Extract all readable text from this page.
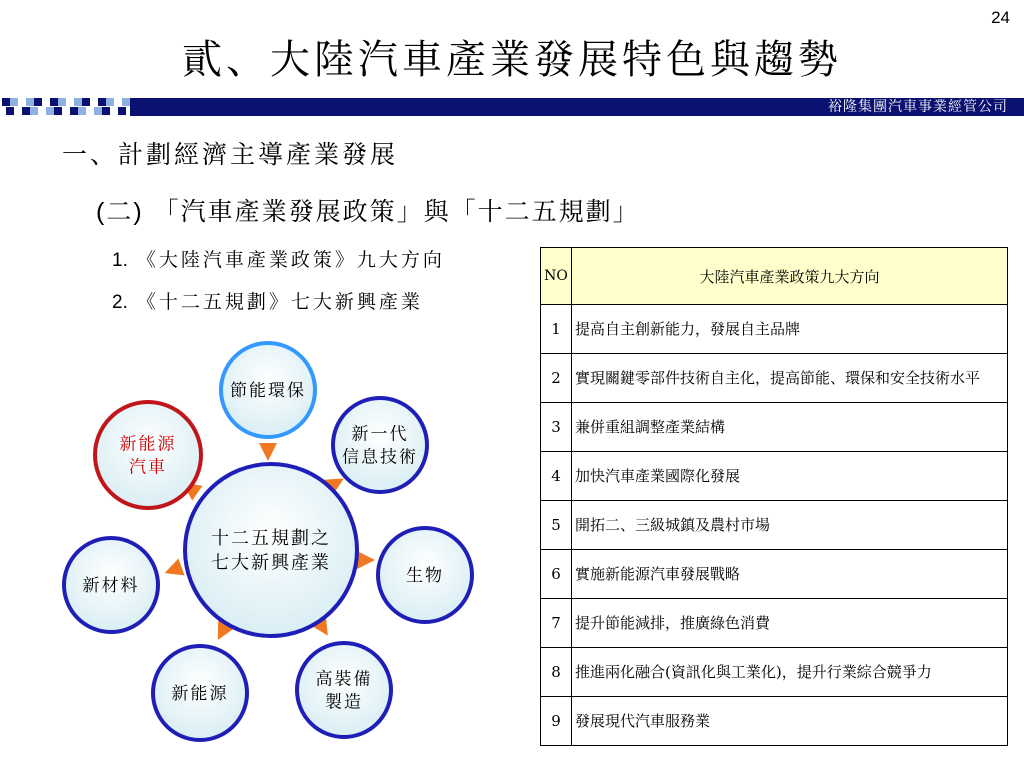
24
貳、大陸汽車產業發展特色與趨勢
裕隆集團汽車事業經管公司
一、計劃經濟主導產業發展
(二) 「汽車產業發展政策」與「十二五規劃」
1. 《大陸汽車產業政策》九大方向
2. 《十二五規劃》七大新興產業
節能環保
新能源
汽車
新一代
信息技術
新材料	生物
新能源
高裝備
製造
十二五規劃之
七大新興產業
NO	大陸汽車產業政策九大方向
1	提高自主創新能力，發展自主品牌
2	實現關鍵零部件技術自主化，提高節能、環保和安全技術水平
3	兼併重組調整產業結構
4	加快汽車產業國際化發展
5	開拓二、三級城鎮及農村市場
6	實施新能源汽車發展戰略
7	提升節能減排，推廣綠色消費
8	推進兩化融合(資訊化與工業化)，提升行業綜合競爭力
9	發展現代汽車服務業
